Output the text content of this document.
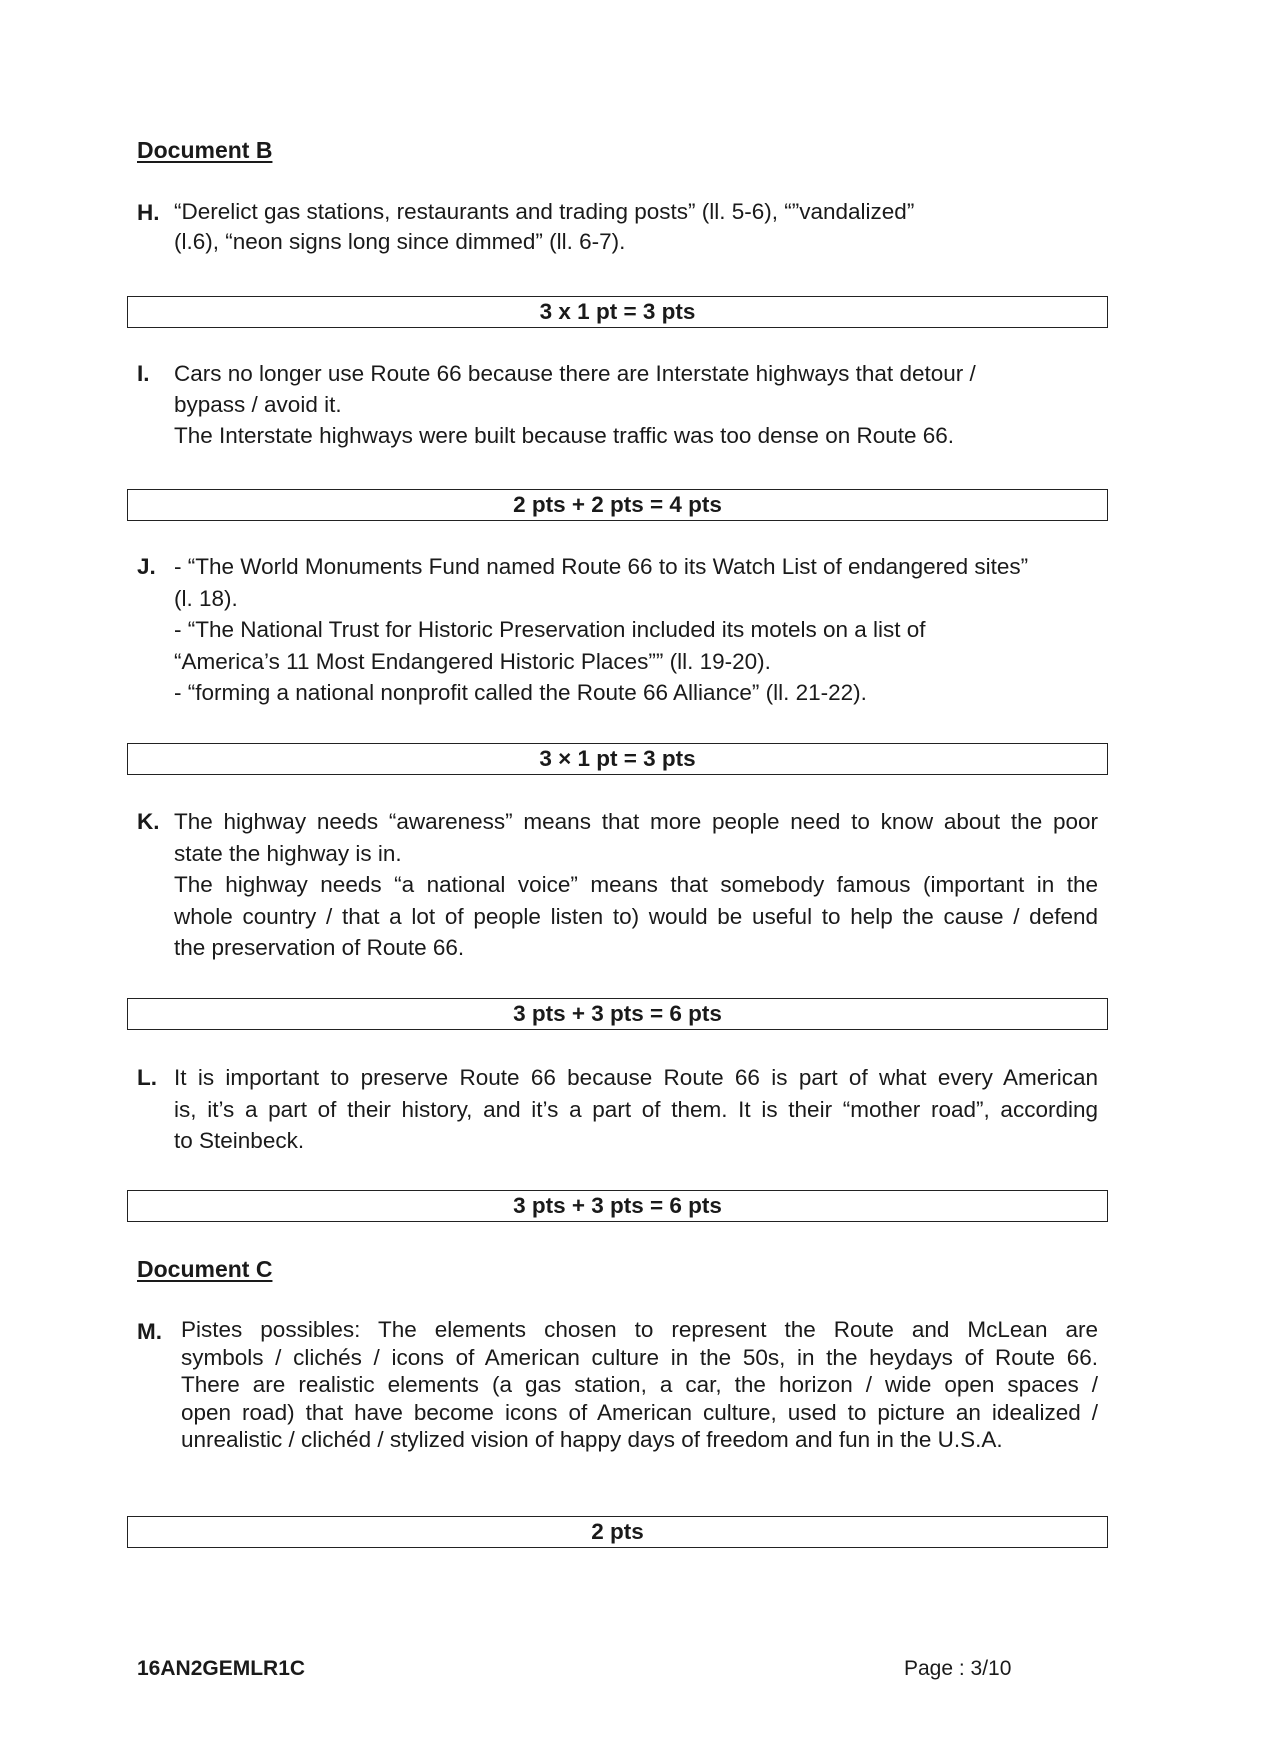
Document B
H. “Derelict gas stations, restaurants and trading posts” (ll. 5-6), “”vandalized”
(l.6), “neon signs long since dimmed” (ll. 6-7).
3 x 1 pt = 3 pts
I.	Cars no longer use Route 66 because there are Interstate highways that detour /
bypass / avoid it.
The Interstate highways were built because traffic was too dense on Route 66.
2 pts + 2 pts = 4 pts
J. - “The World Monuments Fund named Route 66 to its Watch List of endangered sites”
(l. 18).
- “The National Trust for Historic Preservation included its motels on a list of
“America’s 11 Most Endangered Historic Places”” (ll. 19-20).
- “forming a national nonprofit called the Route 66 Alliance” (ll. 21-22).
3 × 1 pt = 3 pts
K. The highway needs “awareness” means that more people need to know about the poor
state the highway is in.
The highway needs “a national voice” means that somebody famous (important in the
whole country / that a lot of people listen to) would be useful to help the cause / defend
the preservation of Route 66.
3 pts + 3 pts = 6 pts
L. It is important to preserve Route 66 because Route 66 is part of what every American
is, it’s a part of their history, and it’s a part of them. It is their “mother road”, according
to Steinbeck.
3 pts + 3 pts = 6 pts
Document C
M. Pistes possibles: The elements chosen to represent the Route and McLean are
symbols / clichés / icons of American culture in the 50s, in the heydays of Route 66.
There are realistic elements (a gas station, a car, the horizon / wide open spaces /
open road) that have become icons of American culture, used to picture an idealized /
unrealistic / clichéd / stylized vision of happy days of freedom and fun in the U.S.A.
2 pts
16AN2GEMLR1C	Page : 3/10
